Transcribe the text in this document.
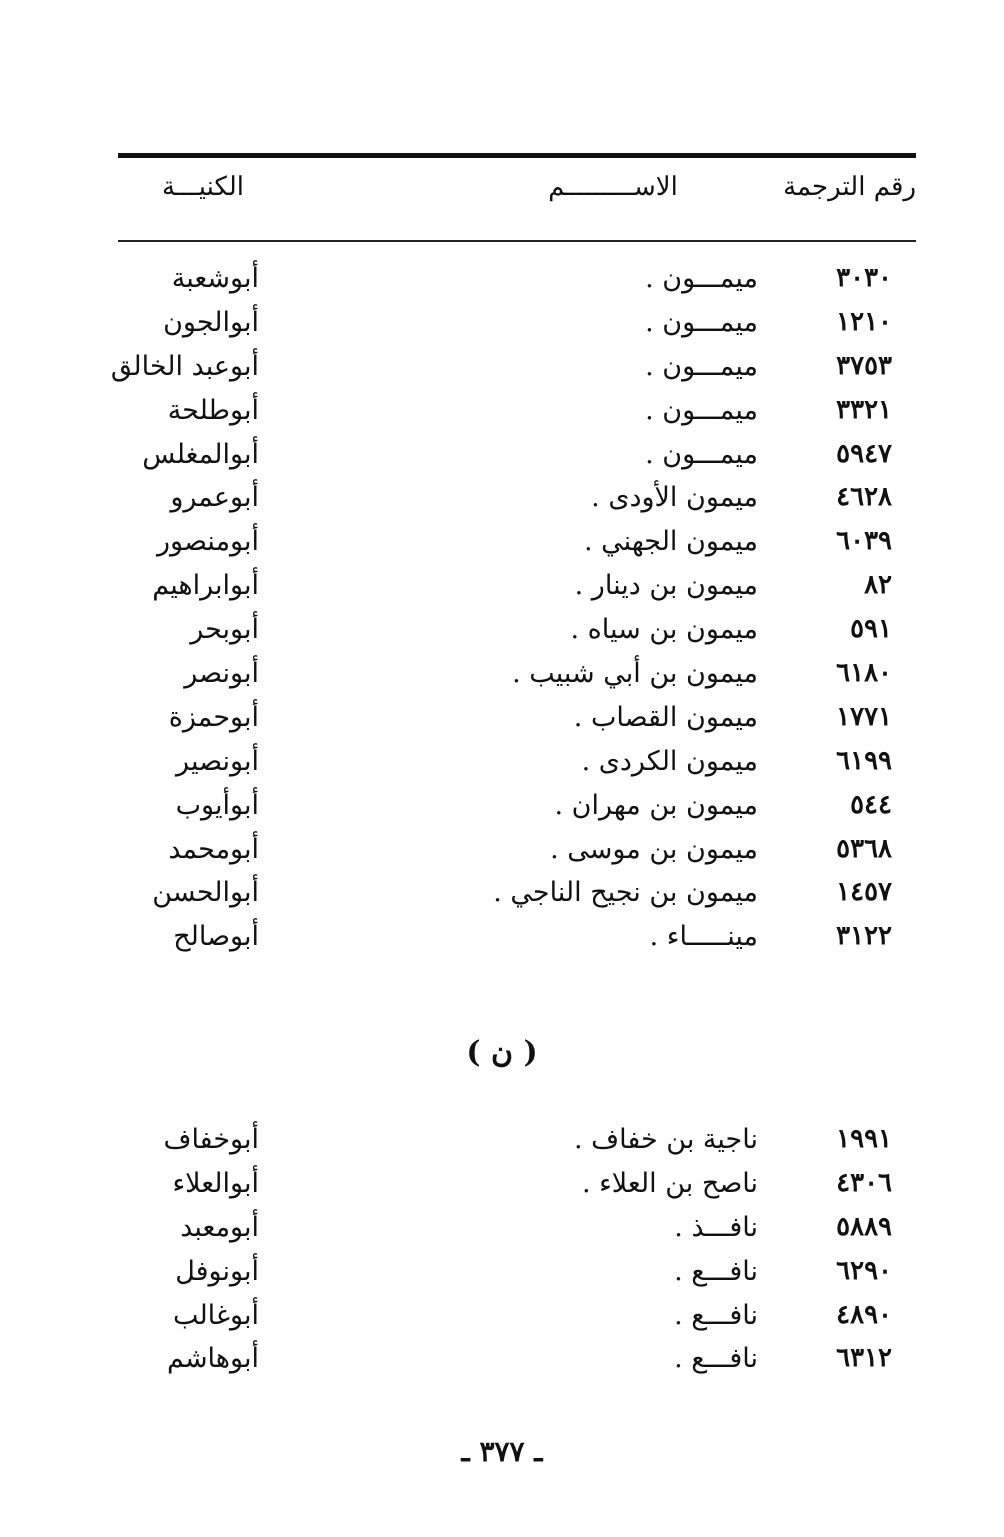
رقم الترجمة
الاســـــــــم
الكنيـــة
٣٠٣٠
ميمـــون .
أبوشعبة
١٢١٠
ميمـــون .
أبوالجون
٣٧٥٣
ميمـــون .
أبوعبد الخالق
٣٣٢١
ميمـــون .
أبوطلحة
٥٩٤٧
ميمـــون .
أبوالمغلس
٤٦٢٨
ميمون الأودى .
أبوعمرو
٦٠٣٩
ميمون الجهني .
أبومنصور
٨٢
ميمون بن دينار .
أبوابراهيم
٥٩١
ميمون بن سياه .
أبوبحر
٦١٨٠
ميمون بن أبي شبيب .
أبونصر
١٧٧١
ميمون القصاب .
أبوحمزة
٦١٩٩
ميمون الكردى .
أبونصير
٥٤٤
ميمون بن مهران .
أبوأيوب
٥٣٦٨
ميمون بن موسى .
أبومحمد
١٤٥٧
ميمون بن نجيح الناجي .
أبوالحسن
٣١٢٢
مينـــــاء .
أبوصالح
( ن )
١٩٩١
ناجية بن خفاف .
أبوخفاف
٤٣٠٦
ناصح بن العلاء .
أبوالعلاء
٥٨٨٩
نافـــذ .
أبومعبد
٦٢٩٠
نافـــع .
أبونوفل
٤٨٩٠
نافـــع .
أبوغالب
٦٣١٢
نافـــع .
أبوهاشم
ـ ٣٧٧ ـ
